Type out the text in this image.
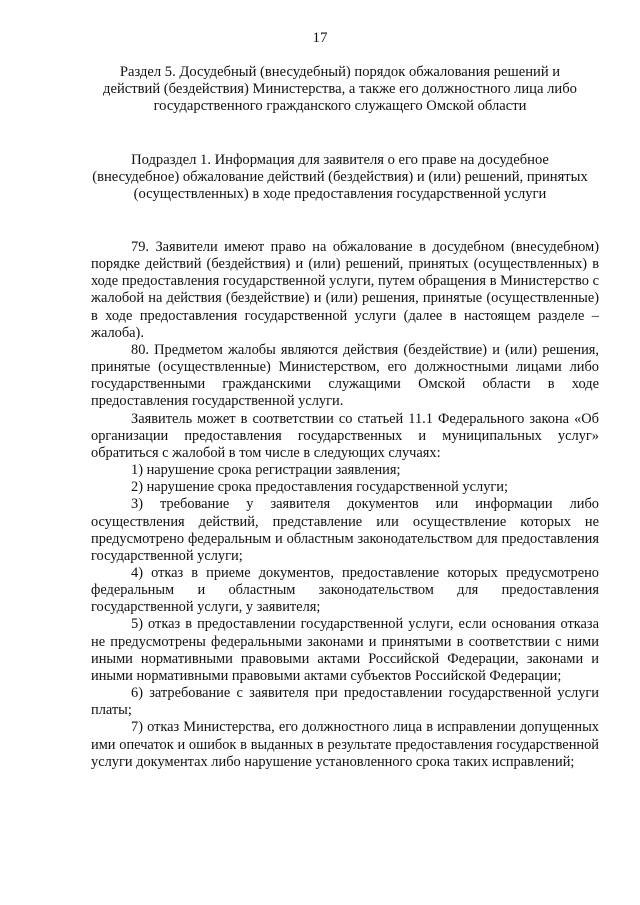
17
Раздел 5. Досудебный (внесудебный) порядок обжалования решений и действий (бездействия) Министерства, а также его должностного лица либо государственного гражданского служащего Омской области
Подраздел 1. Информация для заявителя о его праве на досудебное (внесудебное) обжалование действий (бездействия) и (или) решений, принятых (осуществленных) в ходе предоставления государственной услуги

79. Заявители имеют право на обжалование в досудебном (внесудебном) порядке действий (бездействия) и (или) решений, принятых (осуществленных) в ходе предоставления государственной услуги, путем обращения в Министерство с жалобой на действия (бездействие) и (или) решения, принятые (осуществленные) в ходе предоставления государственной услуги (далее в настоящем разделе – жалоба).

80. Предметом жалобы являются действия (бездействие) и (или) решения, принятые (осуществленные) Министерством, его должностными лицами либо государственными гражданскими служащими Омской области в ходе предоставления государственной услуги.

Заявитель может в соответствии со статьей 11.1 Федерального закона «Об организации предоставления государственных и муниципальных услуг» обратиться с жалобой в том числе в следующих случаях:

1) нарушение срока регистрации заявления;

2) нарушение срока предоставления государственной услуги;

3) требование у заявителя документов или информации либо осуществления действий, представление или осуществление которых не предусмотрено федеральным и областным законодательством для предоставления государственной услуги;

4) отказ в приеме документов, предоставление которых предусмотрено федеральным и областным законодательством для предоставления государственной услуги, у заявителя;

5) отказ в предоставлении государственной услуги, если основания отказа не предусмотрены федеральными законами и принятыми в соответствии с ними иными нормативными правовыми актами Российской Федерации, законами и иными нормативными правовыми актами субъектов Российской Федерации;

6) затребование с заявителя при предоставлении государственной услуги платы;

7) отказ Министерства, его должностного лица в исправлении допущенных ими опечаток и ошибок в выданных в результате предоставления государственной услуги документах либо нарушение установленного срока таких исправлений;
